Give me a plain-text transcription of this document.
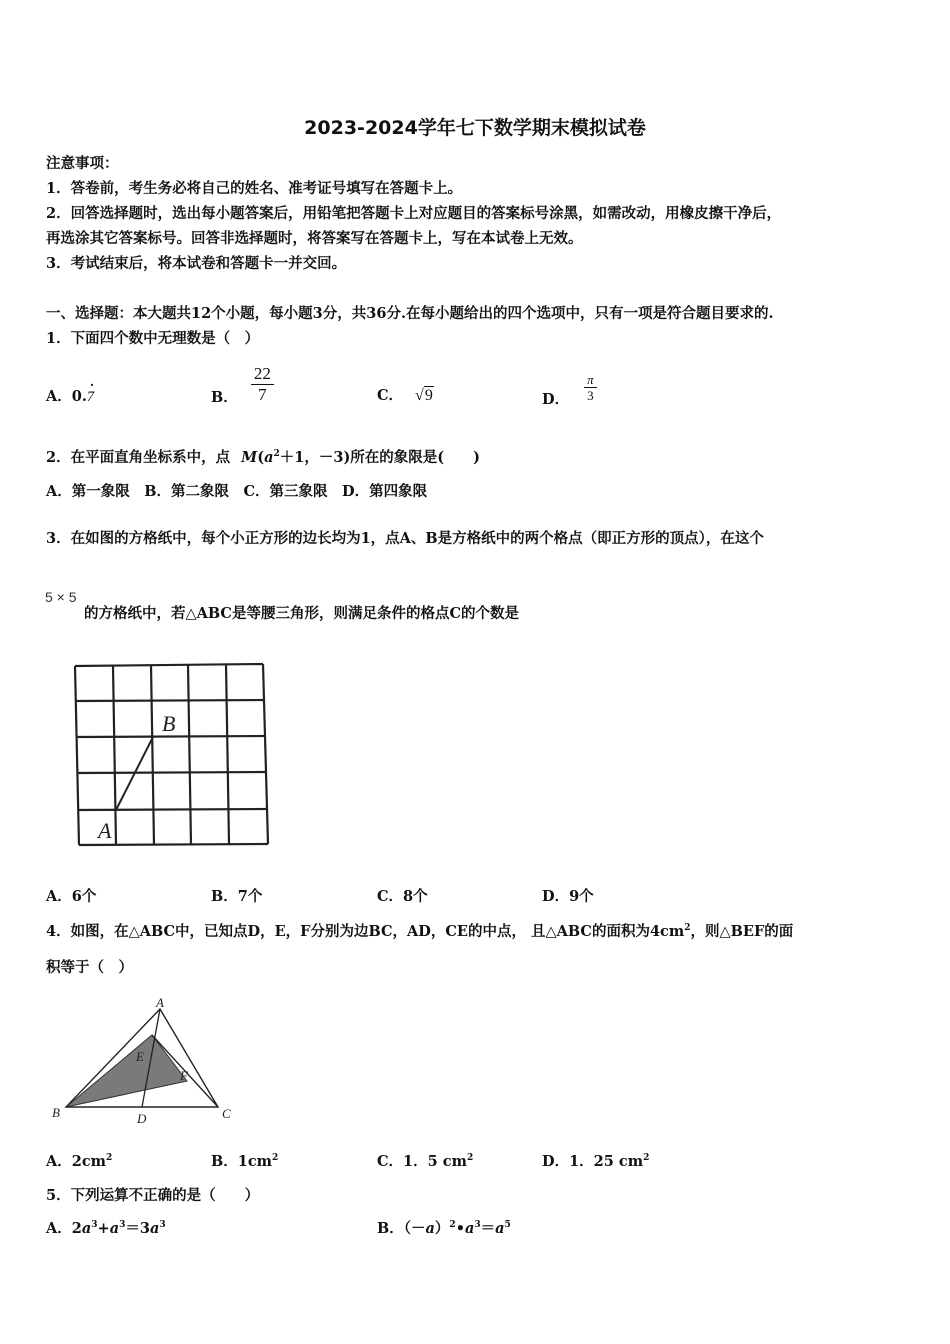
2023-2024学年七下数学期末模拟试卷
注意事项：
1．答卷前，考生务必将自己的姓名、准考证号填写在答题卡上。
2．回答选择题时，选出每小题答案后，用铅笔把答题卡上对应题目的答案标号涂黑，如需改动，用橡皮擦干净后，
再选涂其它答案标号。回答非选择题时，将答案写在答题卡上，写在本试卷上无效。
3．考试结束后，将本试卷和答题卡一并交回。
一、选择题：本大题共12个小题，每小题3分，共36分.在每小题给出的四个选项中，只有一项是符合题目要求的.
1．下面四个数中无理数是（　）
A．0.
·
7	B． $\frac{22}{7}$	C． √9	D． $\frac{\pi}{3}$
2．在平面直角坐标系中，点 $M(a^2+1$，－3)所在的象限是(　　)
A．第一象限　B．第二象限　C．第三象限　D．第四象限
3．在如图的方格纸中，每个小正方形的边长均为1，点A、B是方格纸中的两个格点（即正方形的顶点），在这个
5 × 5
的方格纸中，若△ABC是等腰三角形，则满足条件的格点C的个数是
B
A
A．6个	B．7个	C．8个	D．9个
4．如图，在△ABC中，已知点D，E，F分别为边BC，AD，CE的中点， 且△ABC的面积为$4cm^2$，则△BEF的面
积等于（　）
A
B	C
D
E
F
A．$2cm^2$	B．$1cm^2$	C．1．5 $cm^2$	D．1．25 $cm^2$
5．下列运算不正确的是（　　）
A．$2a^3+a^3=3a^3$	B．$(-a)^2•a^3=a^5$
